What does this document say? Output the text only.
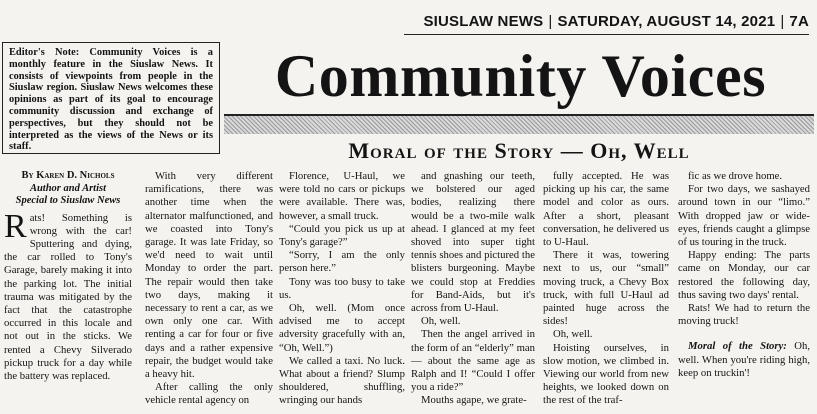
SIUSLAW NEWS | SATURDAY, AUGUST 14, 2021 | 7A
Editor's Note: Community Voices is a monthly feature in the Siuslaw News. It consists of viewpoints from people in the Siuslaw region. Siuslaw News welcomes these opinions as part of its goal to encourage community discussion and exchange of perspectives, but they should not be interpreted as the views of the News or its staff.
Community Voices
Moral of the Story — Oh, Well
By Karen D. Nichols
Author and Artist
Special to Siuslaw News

Rats! Something is wrong with the car! Sputtering and dying, the car rolled to Tony's Garage, barely making it into the parking lot. The initial trauma was mitigated by the fact that the catastrophe occurred in this locale and not out in the sticks. We rented a Chevy Silverado pickup truck for a day while the battery was replaced.

With very different ramifications, there was another time when the alternator malfunctioned, and we coasted into Tony's garage. It was late Friday, so we'd need to wait until Monday to order the part. The repair would then take two days, making it necessary to rent a car, as we own only one car. With renting a car for four or five days and a rather expensive repair, the budget would take a heavy hit.

After calling the only vehicle rental agency on

Florence, U-Haul, we were told no cars or pickups were available. There was, however, a small truck.

“Could you pick us up at Tony's garage?”

“Sorry, I am the only person here.”

Tony was too busy to take us.

Oh, well. (Mom once advised me to accept adversity gracefully with an, “Oh, Well.”)

We called a taxi. No luck. What about a friend? Slump shouldered, shuffling, wringing our hands

and gnashing our teeth, we bolstered our aged bodies, realizing there would be a two-mile walk ahead. I glanced at my feet shoved into super tight tennis shoes and pictured the blisters burgeoning. Maybe we could stop at Freddies for Band-Aids, but it's across from U-Haul.

Oh, well.

Then the angel arrived in the form of an “elderly” man — about the same age as Ralph and I! “Could I offer you a ride?”

Mouths agape, we grate-

fully accepted. He was picking up his car, the same model and color as ours. After a short, pleasant conversation, he delivered us to U-Haul.

There it was, towering next to us, our “small” moving truck, a Chevy Box truck, with full U-Haul ad painted huge across the sides!

Oh, well.

Hoisting ourselves, in slow motion, we climbed in. Viewing our world from new heights, we looked down on the rest of the traf-

fic as we drove home.

For two days, we sashayed around town in our “limo.” With dropped jaw or wide-eyes, friends caught a glimpse of us touring in the truck.

Happy ending: The parts came on Monday, our car restored the following day, thus saving two days' rental.

Rats! We had to return the moving truck!

Moral of the Story: Oh, well. When you're riding high, keep on truckin'!
